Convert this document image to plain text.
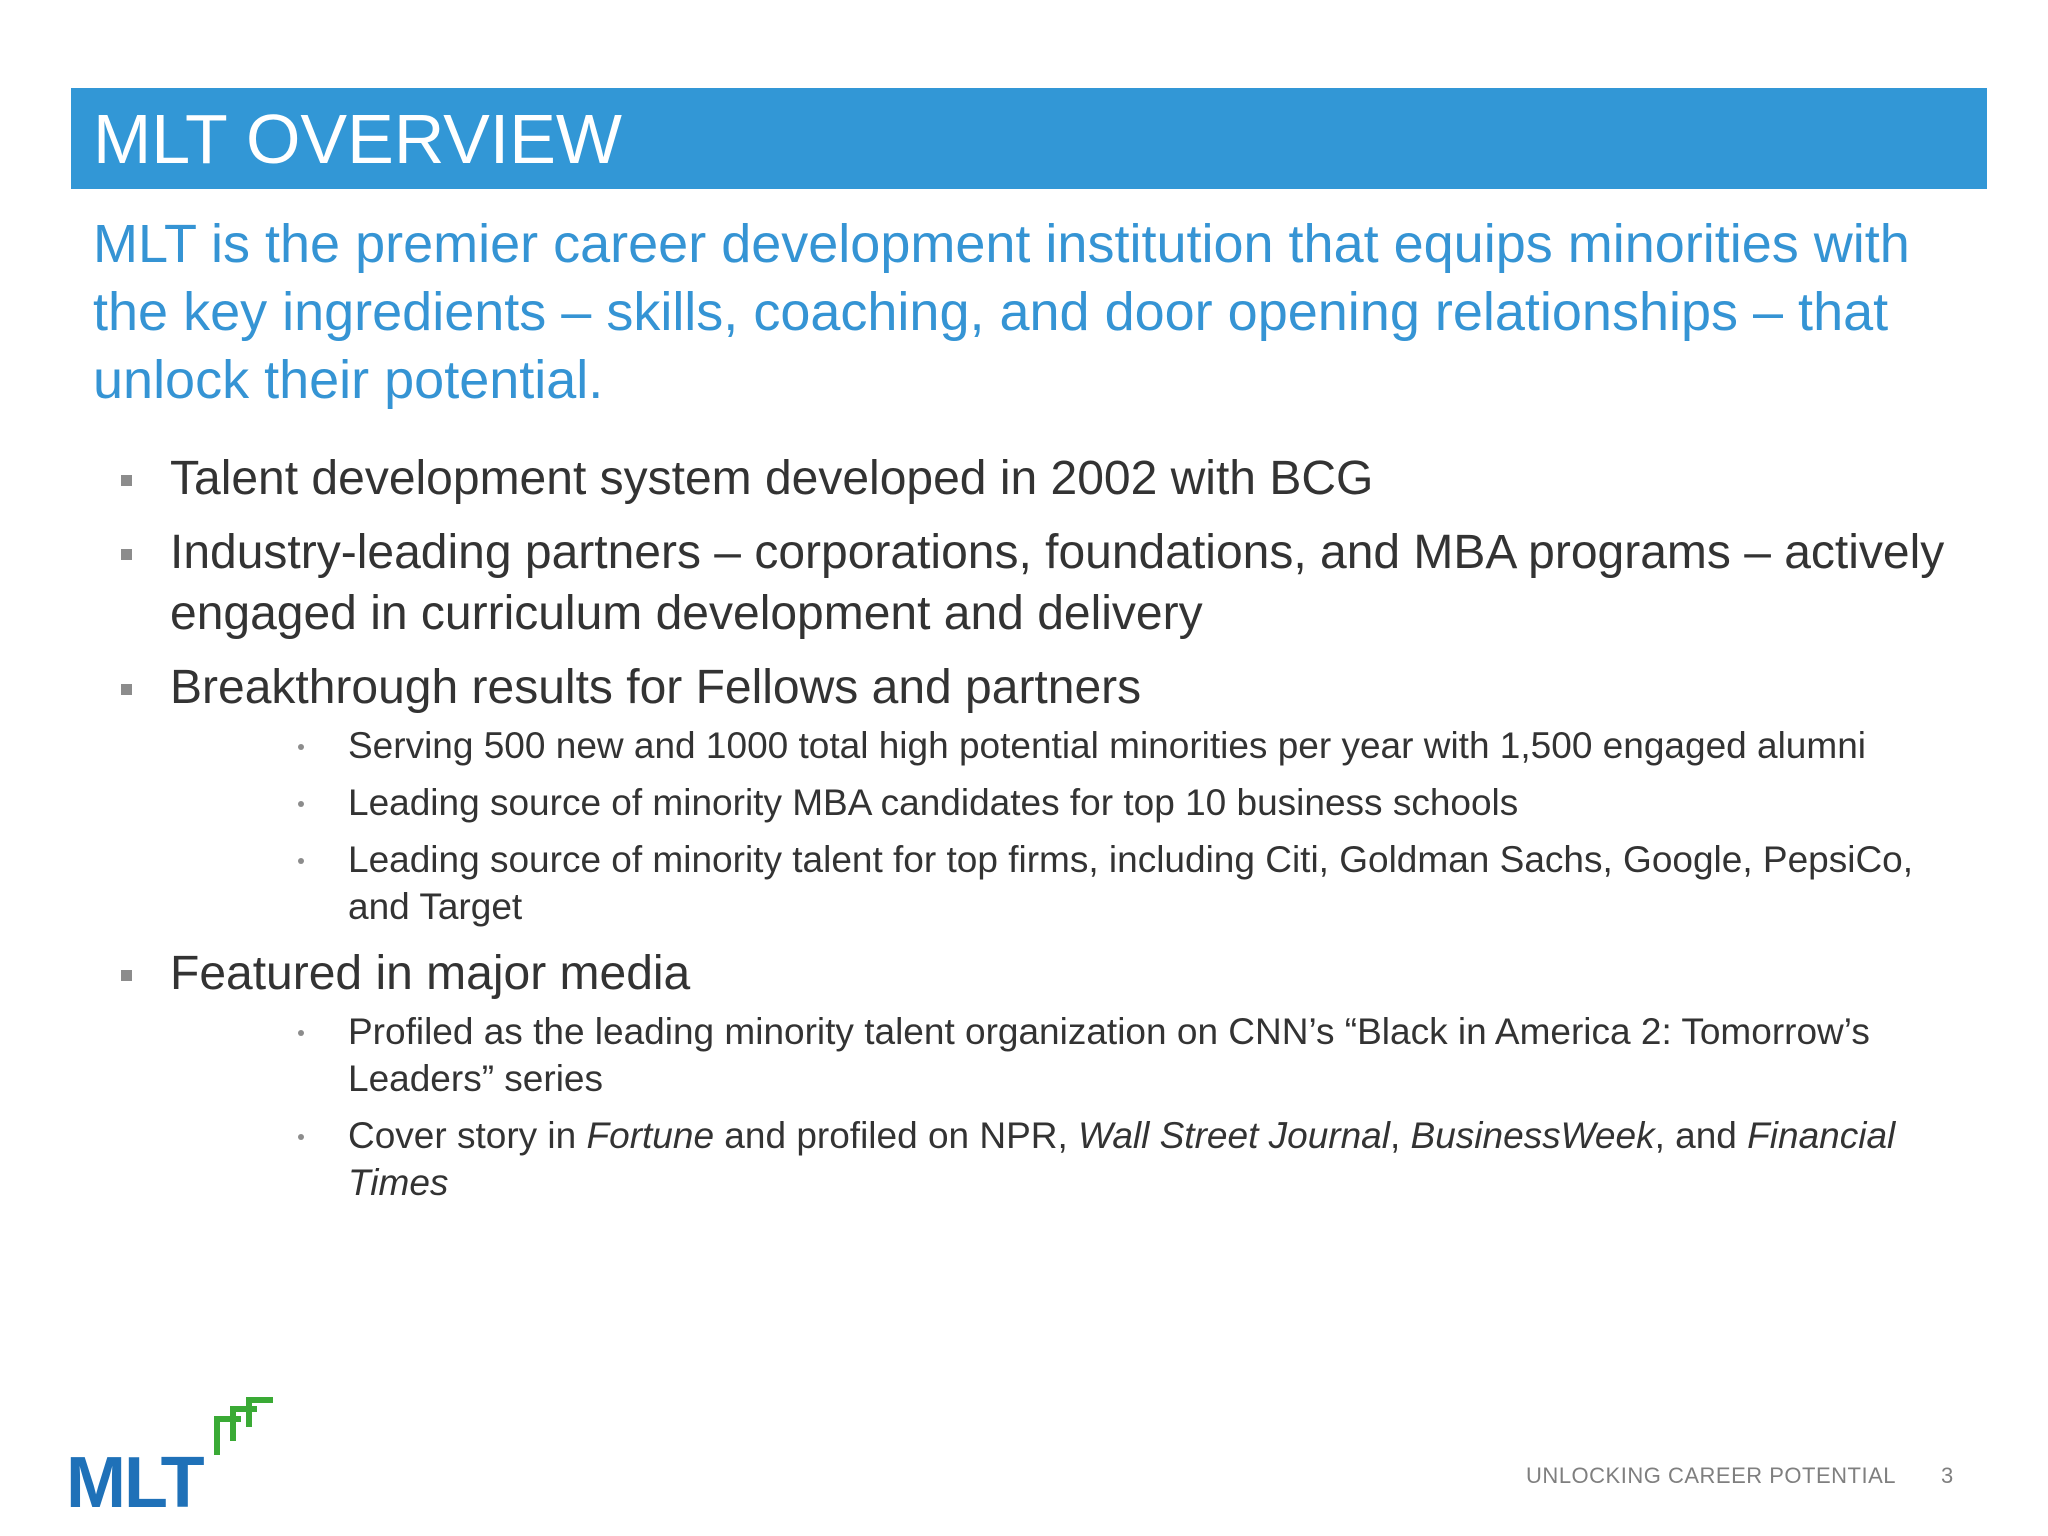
MLT OVERVIEW
MLT is the premier career development institution that equips minorities with the key ingredients – skills, coaching, and door opening relationships – that unlock their potential.
Talent development system developed in 2002 with BCG
Industry-leading partners – corporations, foundations, and MBA programs – actively engaged in curriculum development and delivery
Breakthrough results for Fellows and partners
Serving 500 new and 1000 total high potential minorities per year with 1,500 engaged alumni
Leading source of minority MBA candidates for top 10 business schools
Leading source of minority talent for top firms, including Citi, Goldman Sachs, Google, PepsiCo, and Target
Featured in major media
Profiled as the leading minority talent organization on CNN’s “Black in America 2: Tomorrow’s Leaders” series
Cover story in Fortune and profiled on NPR, Wall Street Journal, BusinessWeek, and Financial Times
MLT	UNLOCKING CAREER POTENTIAL 3
